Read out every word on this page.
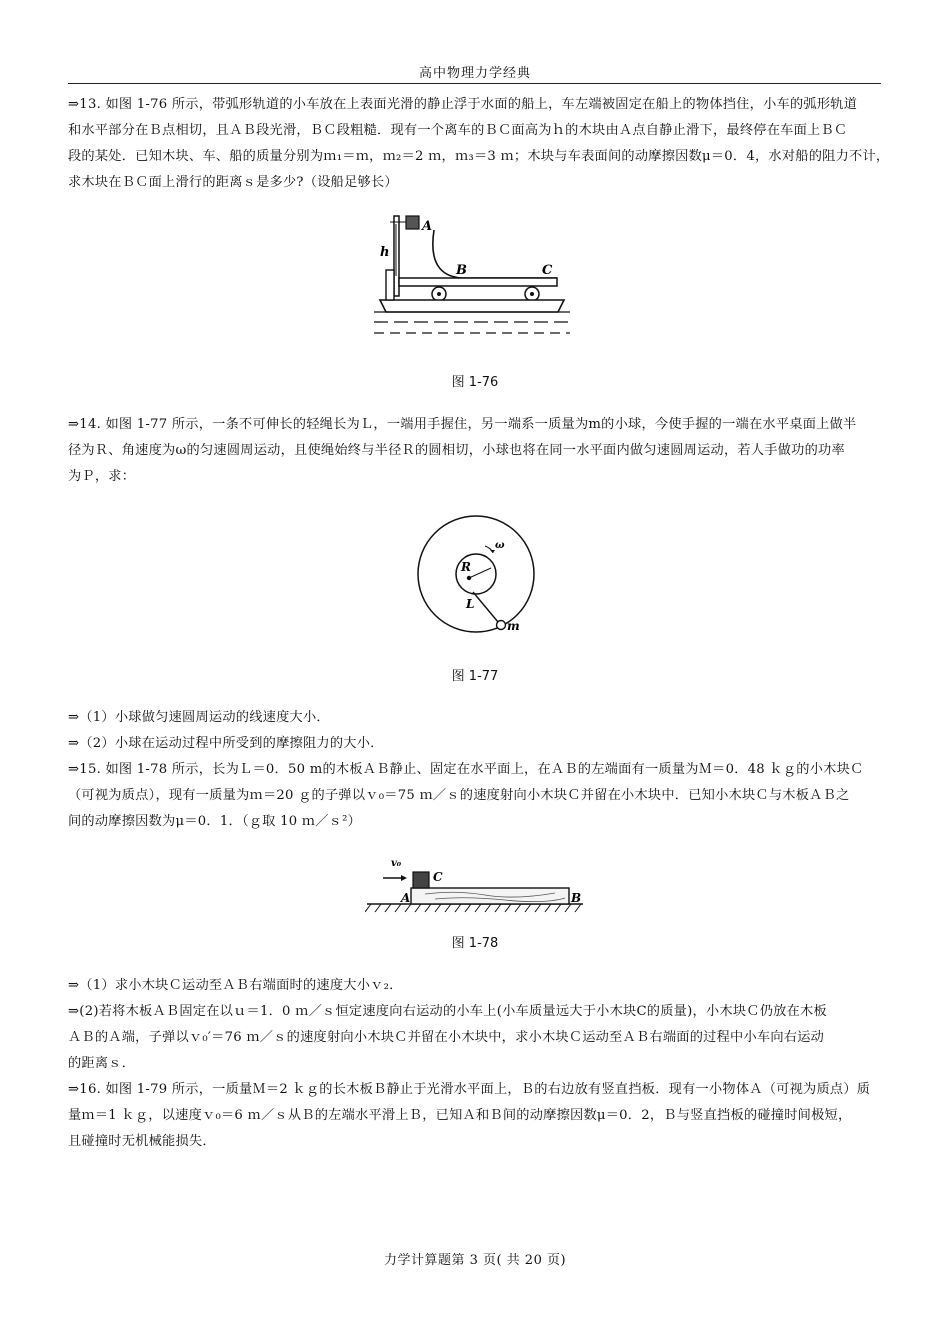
高中物理力学经典
⇒13. 如图 1-76 所示，带弧形轨道的小车放在上表面光滑的静止浮于水面的船上，车左端被固定在船上的物体挡住，小车的弧形轨道
和水平部分在Ｂ点相切，且ＡＢ段光滑，ＢＣ段粗糙．现有一个离车的ＢＣ面高为ｈ的木块由Ａ点自静止滑下，最终停在车面上ＢＣ
段的某处．已知木块、车、船的质量分别为ｍ₁＝ｍ，ｍ₂＝2 ｍ，ｍ₃＝3 ｍ；木块与车表面间的动摩擦因数μ＝0．4，水对船的阻力不计，
求木块在ＢＣ面上滑行的距离ｓ是多少?（设船足够长）
A
h
B	C
图 1-76
⇒14. 如图 1-77 所示，一条不可伸长的轻绳长为Ｌ，一端用手握住，另一端系一质量为m的小球，今使手握的一端在水平桌面上做半
径为Ｒ、角速度为ω的匀速圆周运动，且使绳始终与半径Ｒ的圆相切，小球也将在同一水平面内做匀速圆周运动，若人手做功的功率
为Ｐ，求：
R
ω
L
m
图 1-77
⇒（1）小球做匀速圆周运动的线速度大小．
⇒（2）小球在运动过程中所受到的摩擦阻力的大小．
⇒15. 如图 1-78 所示，长为Ｌ＝0．50 m的木板ＡＢ静止、固定在水平面上，在ＡＢ的左端面有一质量为Ｍ＝0．48 ｋｇ的小木块Ｃ
（可视为质点），现有一质量为ｍ＝20 ｇ的子弹以ｖ₀＝75 ｍ／ｓ的速度射向小木块Ｃ并留在小木块中．已知小木块Ｃ与木板ＡＢ之
间的动摩擦因数为μ＝0．1．（ｇ取 10 ｍ／ｓ²）
v₀
C
A	B
图 1-78
⇒（1）求小木块Ｃ运动至ＡＢ右端面时的速度大小ｖ₂．
⇒(2)若将木板ＡＢ固定在以ｕ＝1．0 ｍ／ｓ恒定速度向右运动的小车上(小车质量远大于小木块C的质量)，小木块Ｃ仍放在木板
ＡＢ的Ａ端，子弹以ｖ₀′＝76 ｍ／ｓ的速度射向小木块Ｃ并留在小木块中，求小木块Ｃ运动至ＡＢ右端面的过程中小车向右运动
的距离ｓ．
⇒16. 如图 1-79 所示，一质量Ｍ＝2 ｋｇ的长木板Ｂ静止于光滑水平面上，Ｂ的右边放有竖直挡板．现有一小物体Ａ（可视为质点）质
量ｍ＝1 ｋｇ，以速度ｖ₀＝6 ｍ／ｓ从Ｂ的左端水平滑上Ｂ，已知Ａ和Ｂ间的动摩擦因数μ＝0．2，Ｂ与竖直挡板的碰撞时间极短，
且碰撞时无机械能损失．
力学计算题第 3 页( 共 20 页)
